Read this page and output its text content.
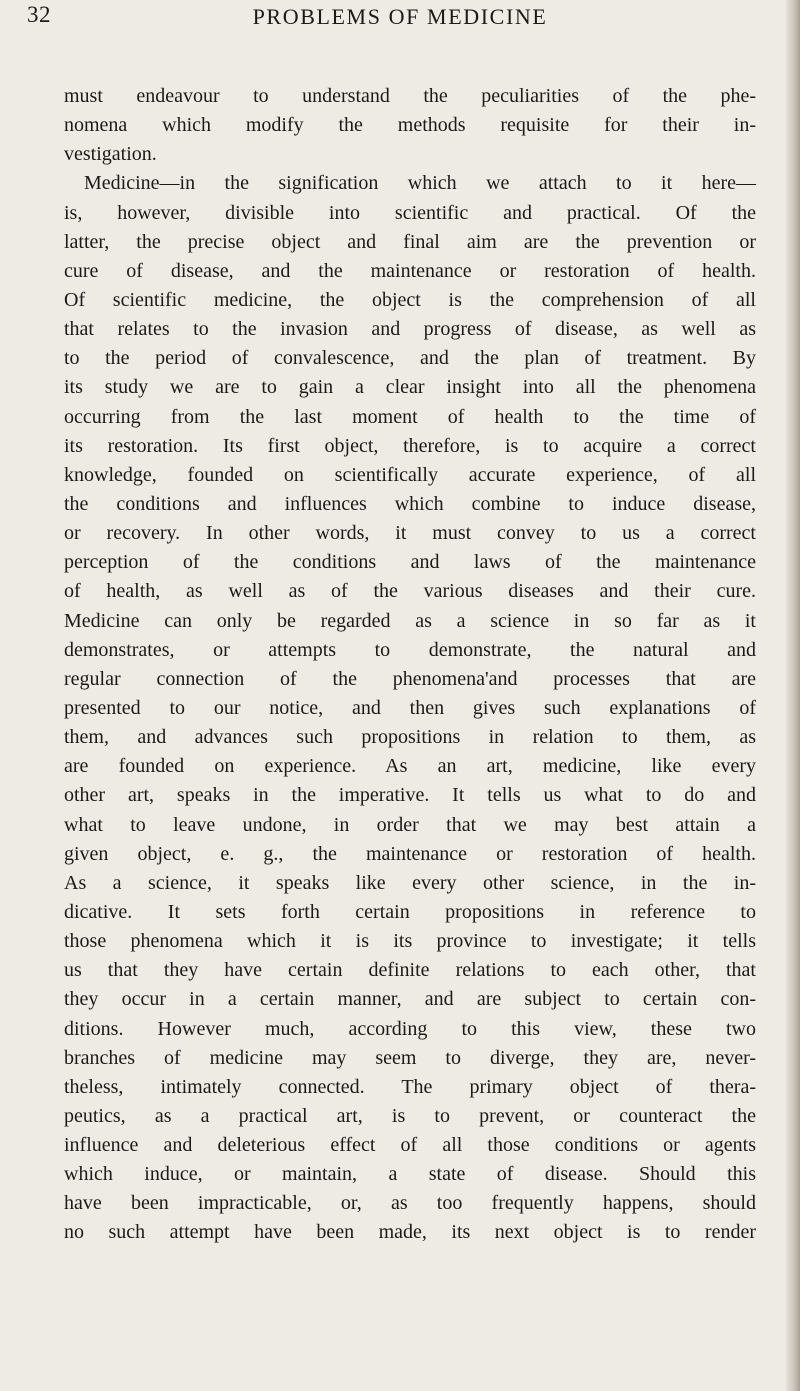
32	PROBLEMS OF MEDICINE
must endeavour to understand the peculiarities of the phe-
nomena which modify the methods requisite for their in-
vestigation.
Medicine—in the signification which we attach to it here—
is, however, divisible into scientific and practical. Of the
latter, the precise object and final aim are the prevention or
cure of disease, and the maintenance or restoration of health.
Of scientific medicine, the object is the comprehension of all
that relates to the invasion and progress of disease, as well as
to the period of convalescence, and the plan of treatment. By
its study we are to gain a clear insight into all the phenomena
occurring from the last moment of health to the time of
its restoration. Its first object, therefore, is to acquire a correct
knowledge, founded on scientifically accurate experience, of all
the conditions and influences which combine to induce disease,
or recovery. In other words, it must convey to us a correct
perception of the conditions and laws of the maintenance
of health, as well as of the various diseases and their cure.
Medicine can only be regarded as a science in so far as it
demonstrates, or attempts to demonstrate, the natural and
regular connection of the phenomena'and processes that are
presented to our notice, and then gives such explanations of
them, and advances such propositions in relation to them, as
are founded on experience. As an art, medicine, like every
other art, speaks in the imperative. It tells us what to do and
what to leave undone, in order that we may best attain a
given object, e. g., the maintenance or restoration of health.
As a science, it speaks like every other science, in the in-
dicative. It sets forth certain propositions in reference to
those phenomena which it is its province to investigate; it tells
us that they have certain definite relations to each other, that
they occur in a certain manner, and are subject to certain con-
ditions. However much, according to this view, these two
branches of medicine may seem to diverge, they are, never-
theless, intimately connected. The primary object of thera-
peutics, as a practical art, is to prevent, or counteract the
influence and deleterious effect of all those conditions or agents
which induce, or maintain, a state of disease. Should this
have been impracticable, or, as too frequently happens, should
no such attempt have been made, its next object is to render
